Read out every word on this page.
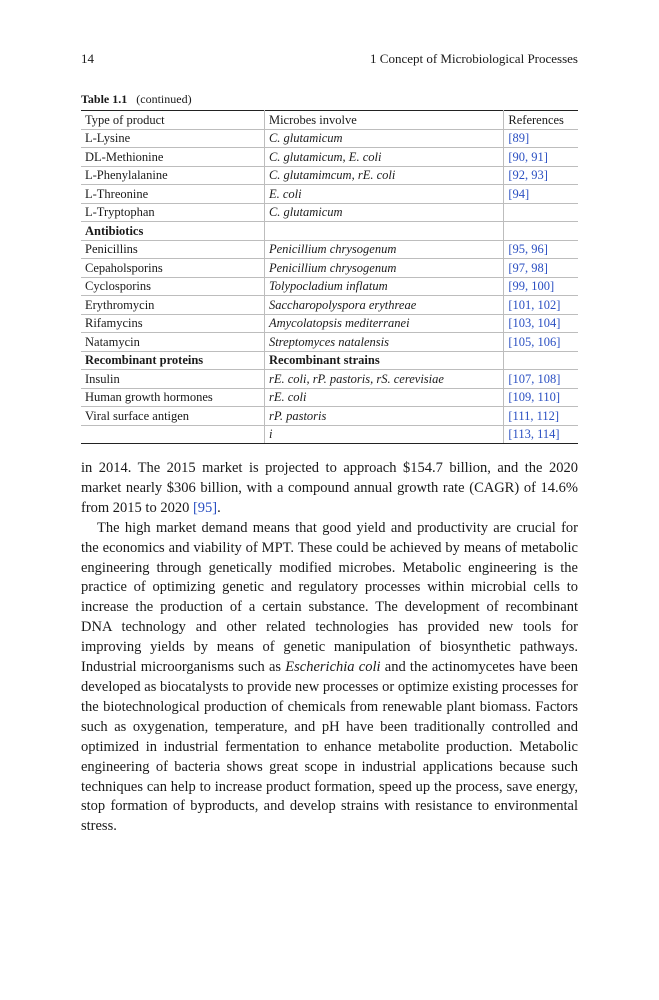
14	1 Concept of Microbiological Processes
Table 1.1 (continued)
Type of product	Microbes involve	References
L-Lysine	C. glutamicum	[89]
DL-Methionine	C. glutamicum, E. coli	[90, 91]
L-Phenylalanine	C. glutamimcum, rE. coli	[92, 93]
L-Threonine	E. coli	[94]
L-Tryptophan	C. glutamicum	
Antibiotics		
Penicillins	Penicillium chrysogenum	[95, 96]
Cepaholsporins	Penicillium chrysogenum	[97, 98]
Cyclosporins	Tolypocladium inflatum	[99, 100]
Erythromycin	Saccharopolyspora erythreae	[101, 102]
Rifamycins	Amycolatopsis mediterranei	[103, 104]
Natamycin	Streptomyces natalensis	[105, 106]
Recombinant proteins	Recombinant strains	
Insulin	rE. coli, rP. pastoris, rS. cerevisiae	[107, 108]
Human growth hormones	rE. coli	[109, 110]
Viral surface antigen	rP. pastoris	[111, 112]
	i	[113, 114]

in 2014. The 2015 market is projected to approach $154.7 billion, and the 2020 market nearly $306 billion, with a compound annual growth rate (CAGR) of 14.6% from 2015 to 2020 [95].

The high market demand means that good yield and productivity are crucial for the economics and viability of MPT. These could be achieved by means of metabolic engineering through genetically modified microbes. Metabolic engineering is the practice of optimizing genetic and regulatory processes within microbial cells to increase the production of a certain substance. The development of recombinant DNA technology and other related technologies has provided new tools for improving yields by means of genetic manipulation of biosynthetic pathways. Industrial microorganisms such as Escherichia coli and the actinomycetes have been developed as biocatalysts to provide new processes or optimize existing processes for the biotechnological production of chemicals from renewable plant biomass. Factors such as oxygenation, temperature, and pH have been traditionally controlled and optimized in industrial fermentation to enhance metabolite production. Metabolic engineering of bacteria shows great scope in industrial applications because such techniques can help to increase product formation, speed up the process, save energy, stop formation of byproducts, and develop strains with resistance to environmental stress.
